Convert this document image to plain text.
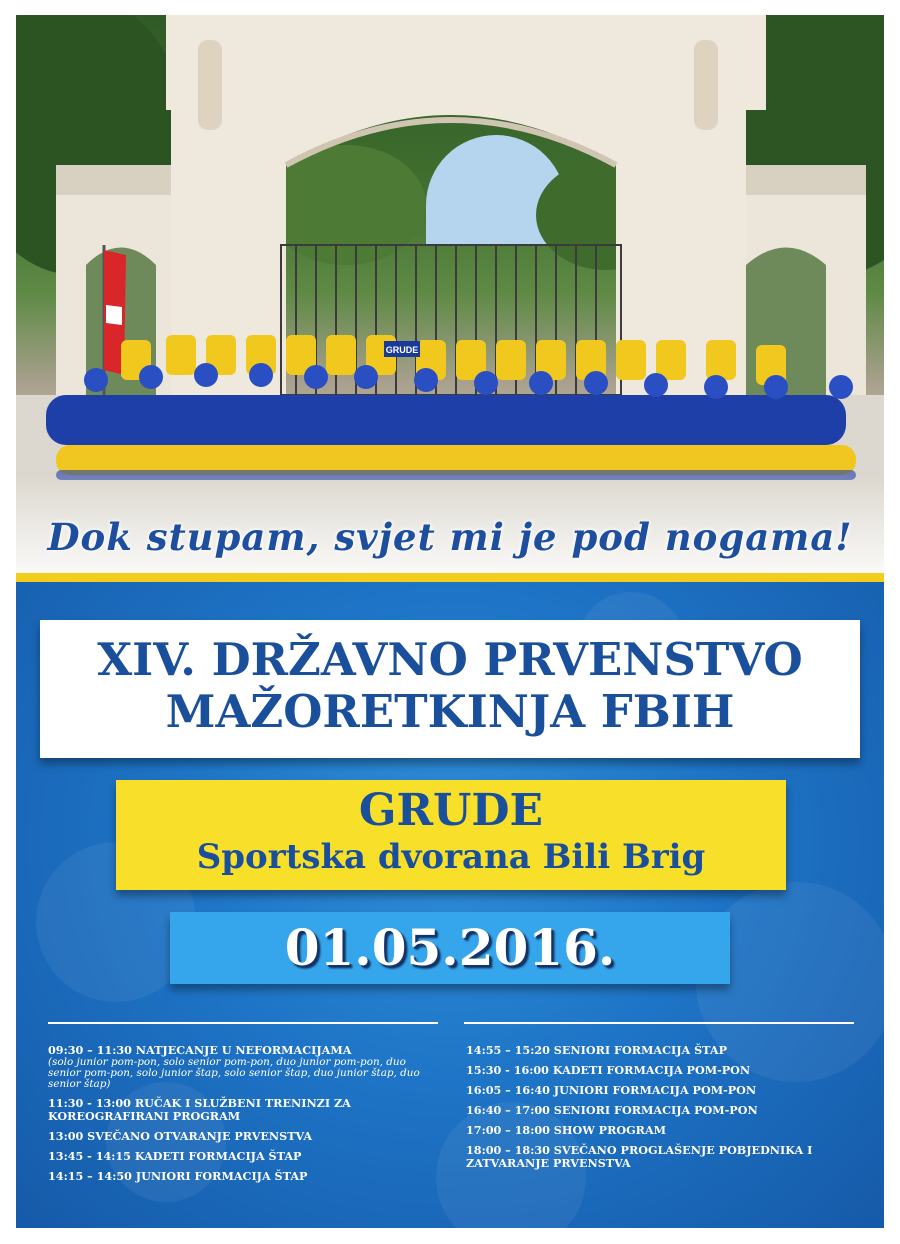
GRUDE
Dok stupam, svjet mi je pod nogama!
XIV. DRŽAVNO PRVENSTVO
MAŽORETKINJA FBIH
GRUDE
Sportska dvorana Bili Brig
01.05.2016.
09:30 – 11:30 NATJECANJE U NEFORMACIJAMA
(solo junior pom-pon, solo senior pom-pon, duo junior pom-pon, duo senior pom-pon, solo junior štap, solo senior štap, duo junior štap, duo senior štap)
11:30 - 13:00 RUČAK I SLUŽBENI TRENINZI ZA KOREOGRAFIRANI PROGRAM
13:00 SVEČANO OTVARANJE PRVENSTVA
13:45 - 14:15 KADETI FORMACIJA ŠTAP
14:15 – 14:50 JUNIORI FORMACIJA ŠTAP
14:55 – 15:20 SENIORI FORMACIJA ŠTAP
15:30 - 16:00 KADETI FORMACIJA POM-PON
16:05 – 16:40 JUNIORI FORMACIJA POM-PON
16:40 – 17:00 SENIORI FORMACIJA POM-PON
17:00 – 18:00 SHOW PROGRAM
18:00 – 18:30 SVEČANO PROGLAŠENJE POBJEDNIKA I ZATVARANJE PRVENSTVA
